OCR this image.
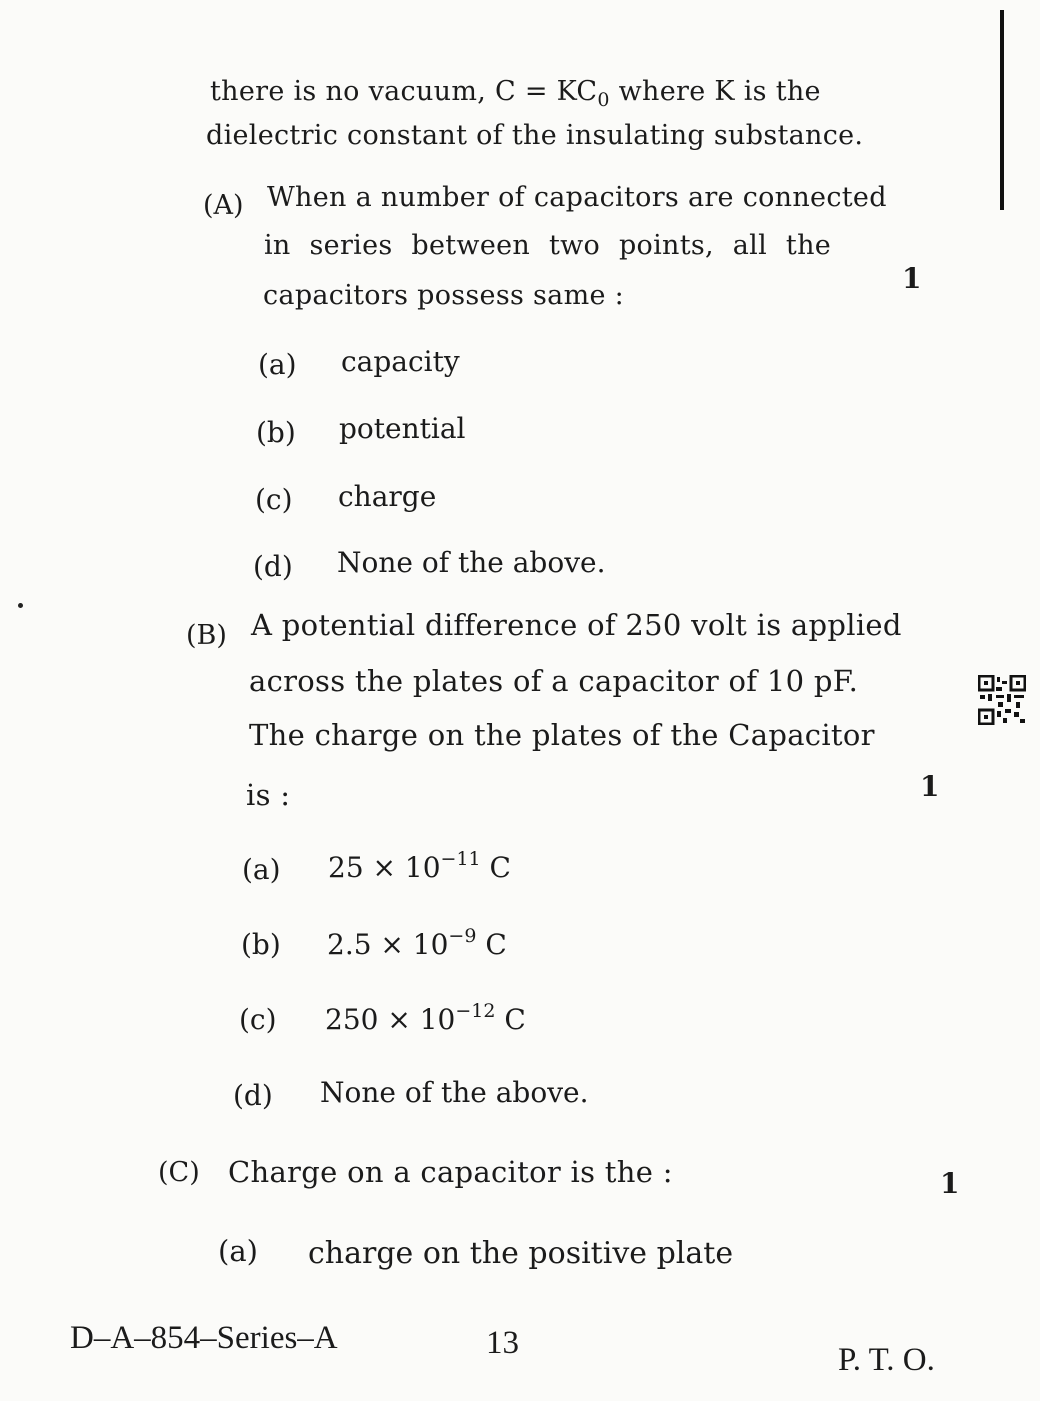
there is no vacuum, $C = KC_0$ where K is the
dielectric constant of the insulating substance.
(A) When a number of capacitors are connected
in series between two points, all the
capacitors possess same :
1
(a) capacity
(b) potential
(c) charge
(d) None of the above.
(B) A potential difference of 250 volt is applied
across the plates of a capacitor of 10 pF.
The charge on the plates of the Capacitor
is :	1
(a) $25 \times 10^{-11}$ C
(b) $2.5 \times 10^{-9}$ C
(c) $250 \times 10^{-12}$ C
(d) None of the above.
(C) Charge on a capacitor is the :	1
(a) charge on the positive plate
D–A–854–Series–A	13	P. T. O.
